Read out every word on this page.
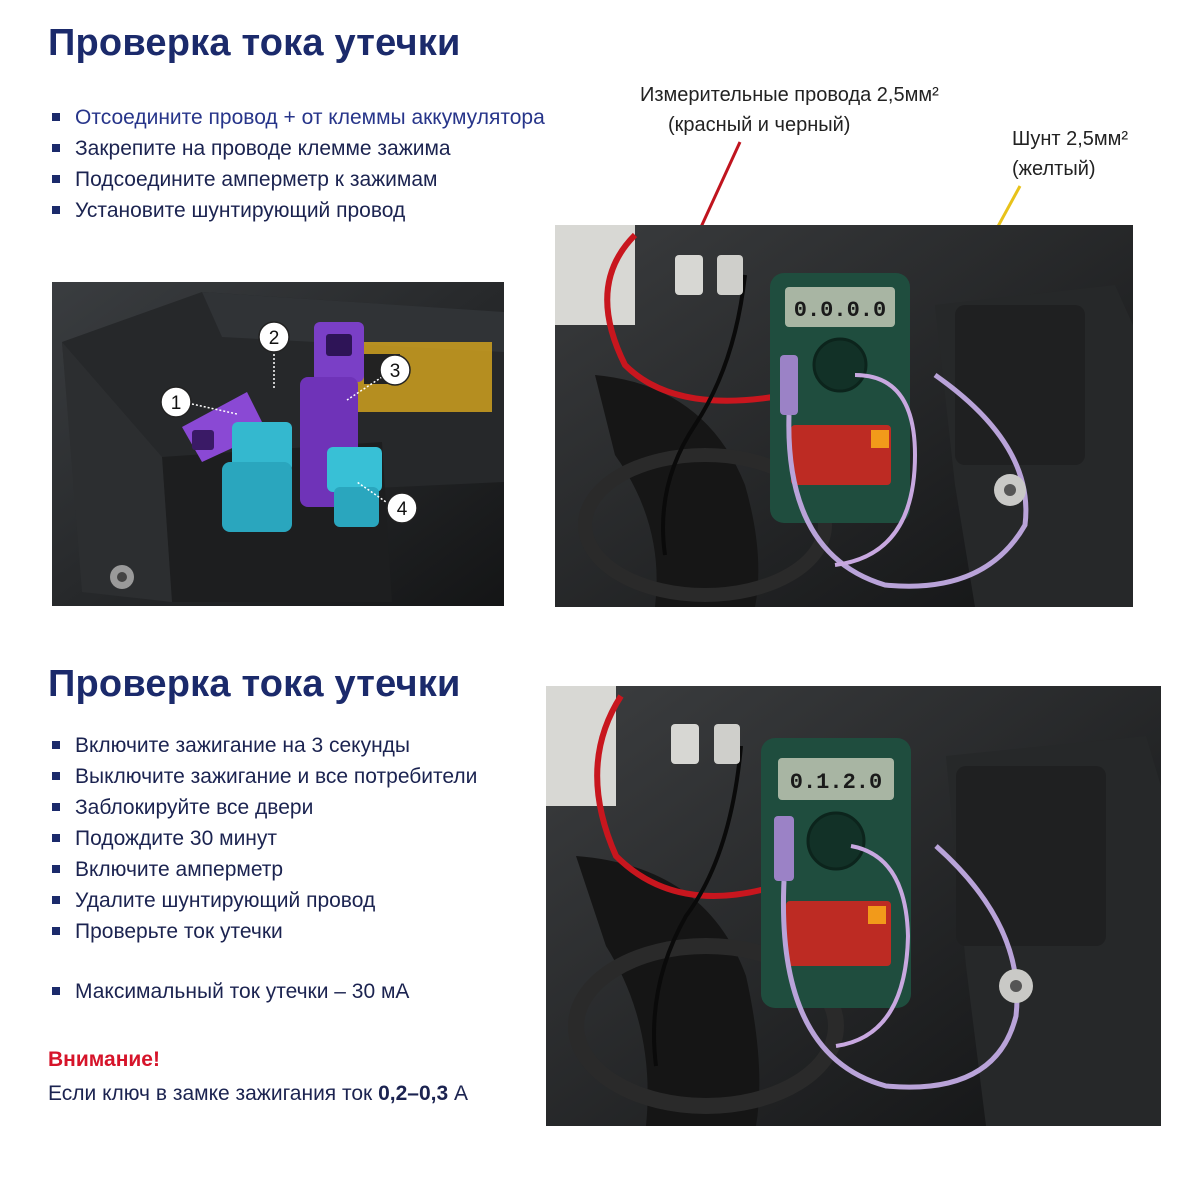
Проверка тока утечки
Отсоедините провод + от клеммы аккумулятора
Закрепите на проводе клемме зажима
Подсоедините амперметр к зажимам
Установите шунтирующий провод
1
2
3
4
Измерительные провода 2,5мм²
(красный и черный)
Шунт 2,5мм²
(желтый)
0.0.0.0
Проверка тока утечки
Включите зажигание на 3 секунды
Выключите зажигание и все потребители
Заблокируйте все двери
Подождите 30 минут
Включите амперметр
Удалите шунтирующий провод
Проверьте ток утечки
Максимальный ток утечки – 30 мА
0.1.2.0
Внимание!
Если ключ в замке зажигания ток 0,2–0,3 А
